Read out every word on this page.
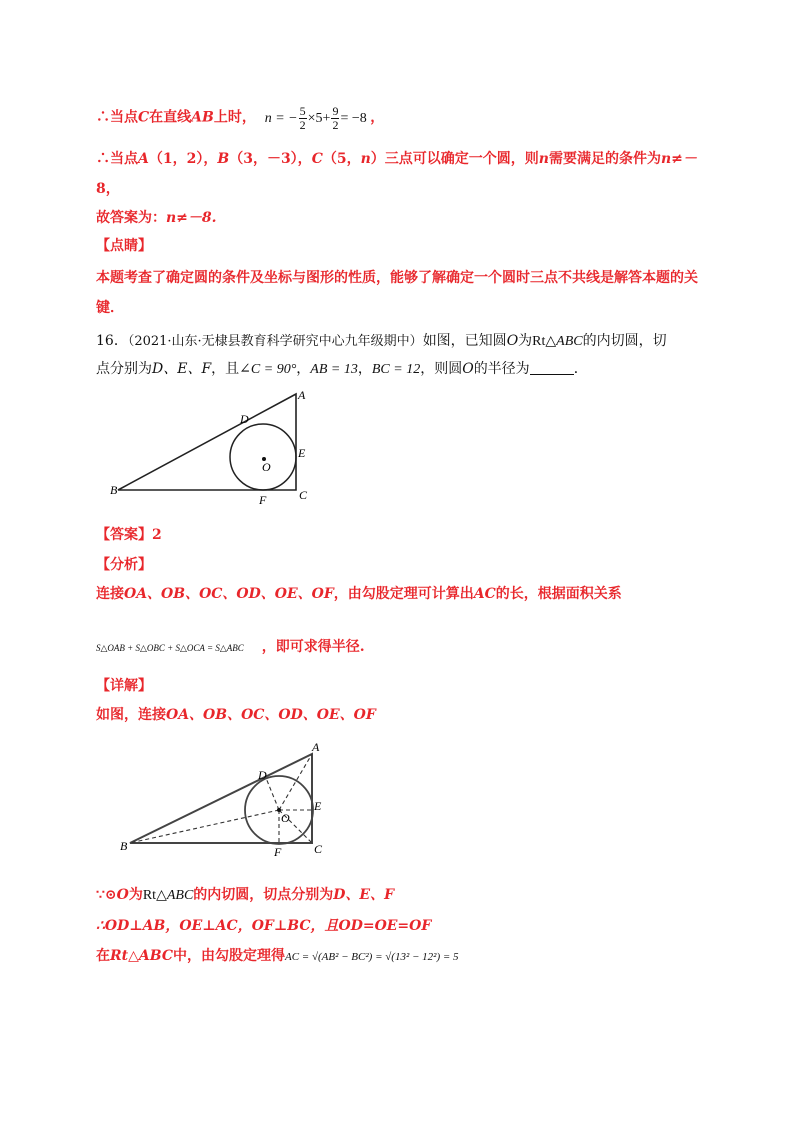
∴当点C在直线AB上时， n = − $\frac{5}{2} \times 5+ \frac{9}{2} = -8$ ，
∴当点A（1，2），B（3，－3），C（5，n）三点可以确定一个圆，则n需要满足的条件为n≠－
8，
故答案为：n≠－8.
【点睛】
本题考查了确定圆的条件及坐标与图形的性质，能够了解确定一个圆时三点不共线是解答本题的关
键．
16．（2021·山东·无棣县教育科学研究中心九年级期中）如图，已知圆O为Rt△ABC的内切圆，切
点分别为D、E、F，且∠C = 90°，AB = 13，BC = 12，则圆O的半径为	．
A
B	C
D
E
F
O
【答案】2
【分析】
连接OA、OB、OC、OD、OE、OF，由勾股定理可计算出AC的长，根据面积关系
S△OAB + S△OBC + S△OCA = S△ABC ，即可求得半径.
【详解】
如图，连接OA、OB、OC、OD、OE、OF
A
B	C
D
E
F
O
∵⊙O为Rt△ABC的内切圆，切点分别为D、E、F
∴OD⊥AB，OE⊥AC，OF⊥BC，且OD=OE=OF
在Rt△ABC中，由勾股定理得AC = √(AB² − BC²) = √(13² − 12²) = 5
